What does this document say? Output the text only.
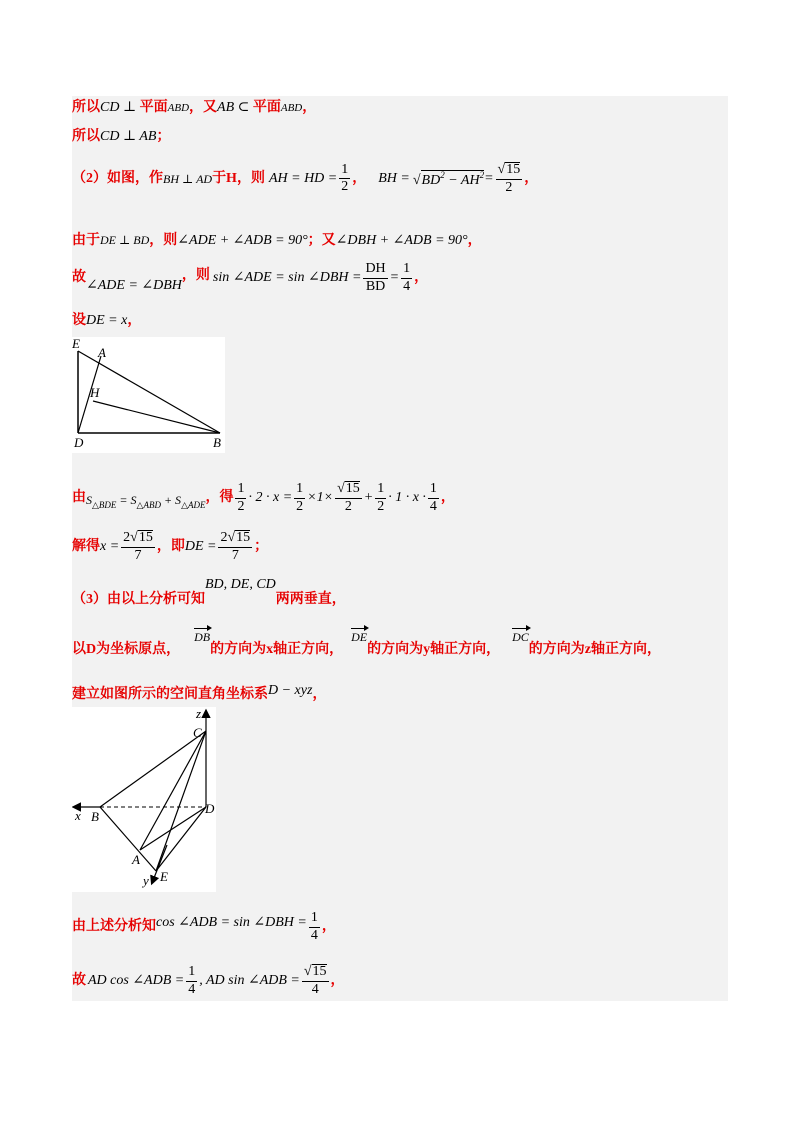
所以CD ⊥ 平面ABD，又AB ⊂ 平面ABD，
所以CD ⊥ AB；
（2）如图，作 BH ⊥ AD 于H，则 AH = HD = $\frac{1}{2}$ ， BH = $√BD^2 - AH^2 = \frac{√15}{2}$ ，
由于DE ⊥ BD，则∠ADE + ∠ADB = 90°；又∠DBH + ∠ADB = 90°，
故
∠ADE = ∠DBH
，则 sin ∠ADE = sin ∠DBH = $\frac{DH}{BD} = \frac{1}{4}$ ，
设DE = x，
E
A
H
D	B
由 $S_{\triangle BDE} = S_{\triangle ABD} + S_{\triangle ADE}$ ，得
1
2
· $2 \cdot x = \frac{1}{2} \times 1\times \frac{√15}{2} + \frac{1}{2} \cdot 1 \cdot x$ ·
1
4
，
解得 $x = \frac{2√15}{7}$ ，即 DE = $\frac{2√15}{7}$ ；
（3）由以上分析可知BD, DE, CD两两垂直，
以D为坐标原点，DB的方向为x轴正方向，DE的方向为y轴正方向，DC的方向为z轴正方向，
建立如图所示的空间直角坐标系D − xyz，
z
C
x B
D
A
y E
由上述分析知 cos ∠ADB = sin ∠DBH = $\frac{1}{4}$ ，
故 AD cos ∠ADB = $\frac{1}{4}$ , AD sin ∠ADB = $\frac{√15}{4}$ ，
